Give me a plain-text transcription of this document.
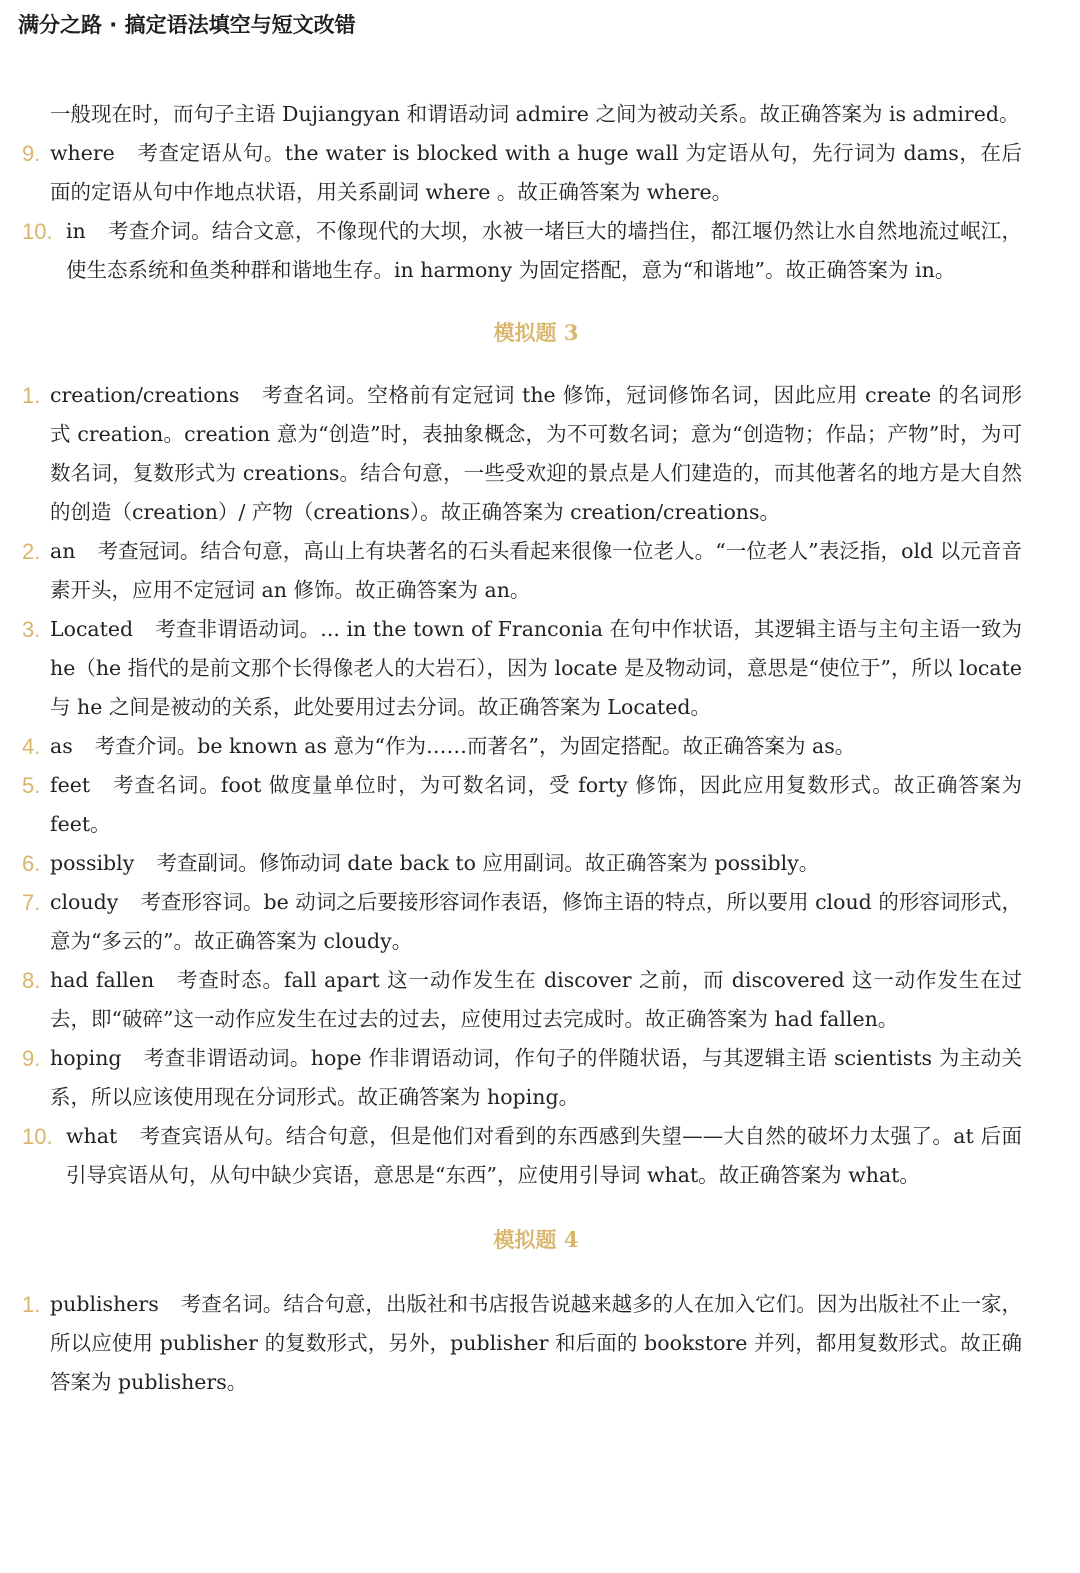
满分之路 · 搞定语法填空与短文改错
一般现在时，而句子主语 Dujiangyan 和谓语动词 admire 之间为被动关系。故正确答案为 is admired。
9. where 考查定语从句。the water is blocked with a huge wall 为定语从句，先行词为 dams，在后面的定语从句中作地点状语，用关系副词 where 。故正确答案为 where。
10. in 考查介词。结合文意，不像现代的大坝，水被一堵巨大的墙挡住，都江堰仍然让水自然地流过岷江，使生态系统和鱼类种群和谐地生存。in harmony 为固定搭配，意为“和谐地”。故正确答案为 in。
模拟题 3
1. creation/creations 考查名词。空格前有定冠词 the 修饰，冠词修饰名词，因此应用 create 的名词形式 creation。creation 意为“创造”时，表抽象概念，为不可数名词；意为“创造物；作品；产物”时，为可数名词，复数形式为 creations。结合句意，一些受欢迎的景点是人们建造的，而其他著名的地方是大自然的创造（creation）/ 产物（creations）。故正确答案为 creation/creations。
2. an 考查冠词。结合句意，高山上有块著名的石头看起来很像一位老人。“一位老人”表泛指，old 以元音音素开头，应用不定冠词 an 修饰。故正确答案为 an。
3. Located 考查非谓语动词。... in the town of Franconia 在句中作状语，其逻辑主语与主句主语一致为 he（he 指代的是前文那个长得像老人的大岩石），因为 locate 是及物动词，意思是“使位于”，所以 locate 与 he 之间是被动的关系，此处要用过去分词。故正确答案为 Located。
4. as 考查介词。be known as 意为“作为……而著名”，为固定搭配。故正确答案为 as。
5. feet 考查名词。foot 做度量单位时，为可数名词，受 forty 修饰，因此应用复数形式。故正确答案为 feet。
6. possibly 考查副词。修饰动词 date back to 应用副词。故正确答案为 possibly。
7. cloudy 考查形容词。be 动词之后要接形容词作表语，修饰主语的特点，所以要用 cloud 的形容词形式，意为“多云的”。故正确答案为 cloudy。
8. had fallen 考查时态。fall apart 这一动作发生在 discover 之前，而 discovered 这一动作发生在过去，即“破碎”这一动作应发生在过去的过去，应使用过去完成时。故正确答案为 had fallen。
9. hoping 考查非谓语动词。hope 作非谓语动词，作句子的伴随状语，与其逻辑主语 scientists 为主动关系，所以应该使用现在分词形式。故正确答案为 hoping。
10. what 考查宾语从句。结合句意，但是他们对看到的东西感到失望——大自然的破坏力太强了。at 后面引导宾语从句，从句中缺少宾语，意思是“东西”，应使用引导词 what。故正确答案为 what。
模拟题 4
1. publishers 考查名词。结合句意，出版社和书店报告说越来越多的人在加入它们。因为出版社不止一家，所以应使用 publisher 的复数形式，另外，publisher 和后面的 bookstore 并列，都用复数形式。故正确答案为 publishers。
